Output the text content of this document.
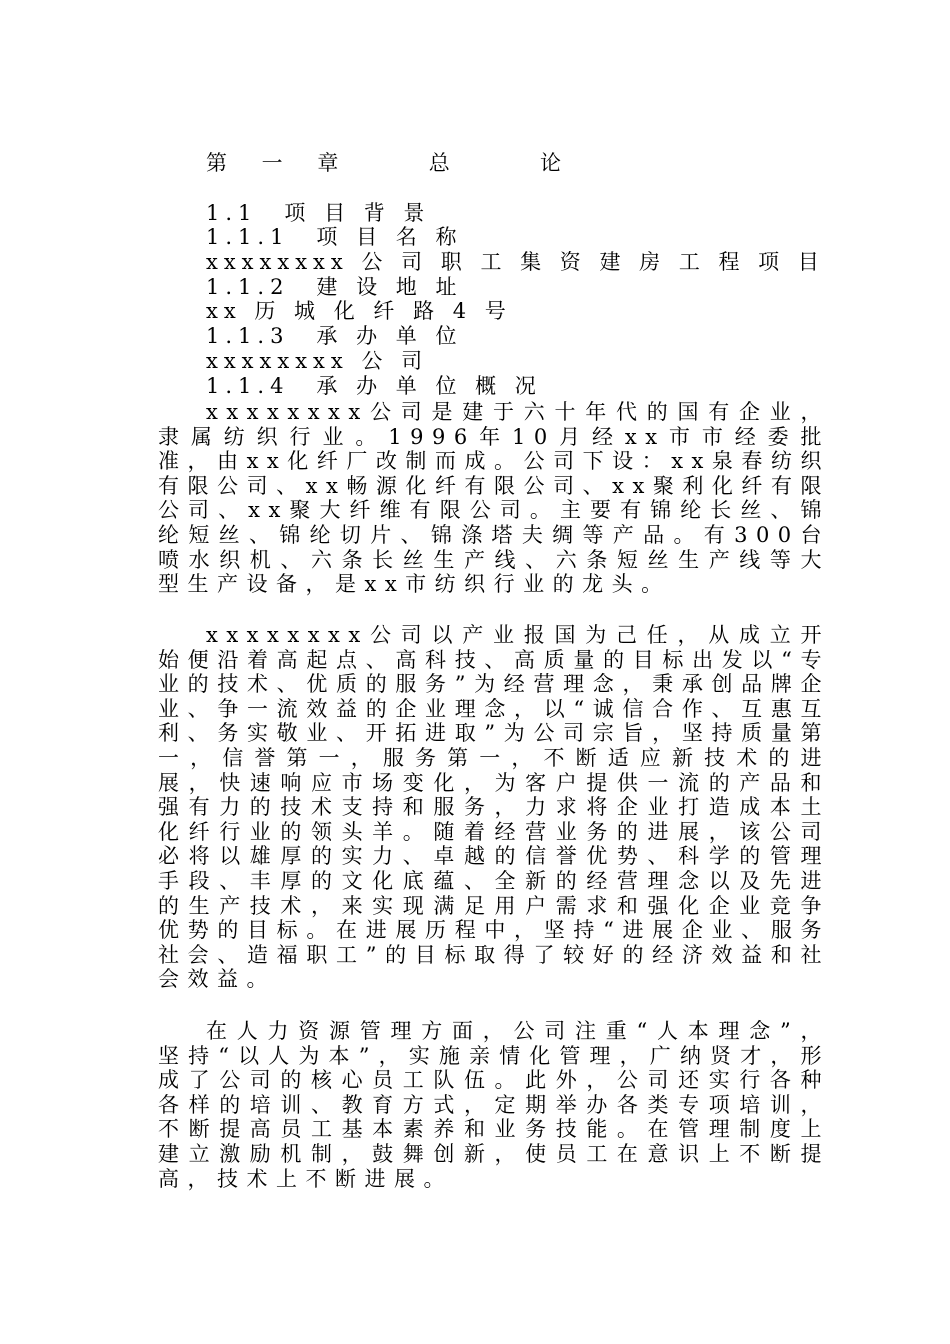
第 一 章 　 总 　 论
1.1　项 目 背 景
1.1.1　项 目 名 称
xxxxxxxx 公 司 职 工 集 资 建 房 工 程 项 目
1.1.2　建 设 地 址
xx 历 城 化 纤 路 4 号
1.1.3　承 办 单 位
xxxxxxxx 公 司
1.1.4　承 办 单 位 概 况
xxxxxxxx公司是建于六十年代的国有企业，隶属纺织行业。1996年10月经xx市市经委批准，由xx化纤厂改制而成。公司下设：xx泉春纺织有限公司、xx畅源化纤有限公司、xx聚利化纤有限公司、xx聚大纤维有限公司。主要有锦纶长丝、锦纶短丝、锦纶切片、锦涤塔夫绸等产品。有300台喷水织机、六条长丝生产线、六条短丝生产线等大型生产设备，是xx市纺织行业的龙头。
xxxxxxxx公司以产业报国为己任，从成立开始便沿着高起点、高科技、高质量的目标出发以“专业的技术、优质的服务”为经营理念，秉承创品牌企业、争一流效益的企业理念，以“诚信合作、互惠互利、务实敬业、开拓进取”为公司宗旨，坚持质量第一，信誉第一，服务第一，不断适应新技术的进展，快速响应市场变化，为客户提供一流的产品和强有力的技术支持和服务，力求将企业打造成本土化纤行业的领头羊。随着经营业务的进展，该公司必将以雄厚的实力、卓越的信誉优势、科学的管理手段、丰厚的文化底蕴、全新的经营理念以及先进的生产技术，来实现满足用户需求和强化企业竞争优势的目标。在进展历程中，坚持“进展企业、服务社会、造福职工”的目标取得了较好的经济效益和社会效益。
在人力资源管理方面，公司注重“人本理念”，坚持“以人为本”，实施亲情化管理，广纳贤才，形成了公司的核心员工队伍。此外，公司还实行各种各样的培训、教育方式，定期举办各类专项培训，不断提高员工基本素养和业务技能。在管理制度上建立激励机制，鼓舞创新，使员工在意识上不断提高，技术上不断进展。
